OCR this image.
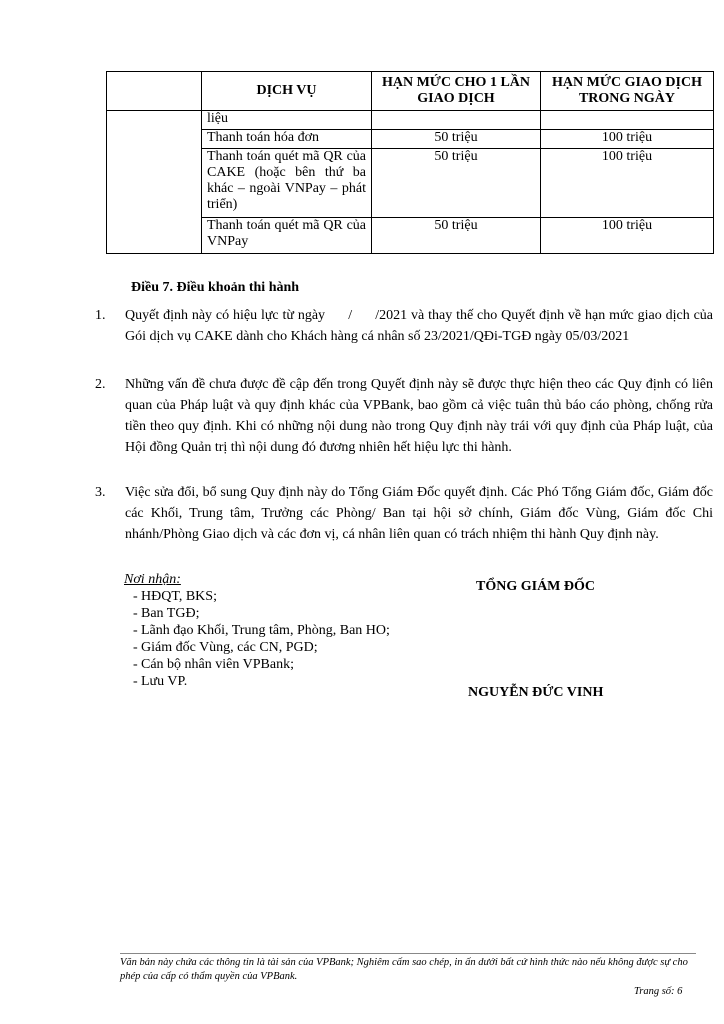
	DỊCH VỤ	HẠN MỨC CHO 1 LẦN GIAO DỊCH	HẠN MỨC GIAO DỊCH TRONG NGÀY
	liệu		
	Thanh toán hóa đơn	50 triệu	100 triệu
	Thanh toán quét mã QR của CAKE (hoặc bên thứ ba khác – ngoài VNPay – phát triển)	50 triệu	100 triệu
	Thanh toán quét mã QR của VNPay	50 triệu	100 triệu
Điều 7. Điều khoản thi hành
1. Quyết định này có hiệu lực từ ngày      /      /2021 và thay thế cho Quyết định về hạn mức giao dịch của Gói dịch vụ CAKE dành cho Khách hàng cá nhân số 23/2021/QĐi-TGĐ ngày 05/03/2021
2. Những vấn đề chưa được đề cập đến trong Quyết định này sẽ được thực hiện theo các Quy định có liên quan của Pháp luật và quy định khác của VPBank, bao gồm cả việc tuân thủ báo cáo phòng, chống rửa tiền theo quy định. Khi có những nội dung nào trong Quy định này trái với quy định của Pháp luật, của Hội đồng Quản trị thì nội dung đó đương nhiên hết hiệu lực thi hành.
3. Việc sửa đổi, bổ sung Quy định này do Tổng Giám Đốc quyết định. Các Phó Tổng Giám đốc, Giám đốc các Khối, Trung tâm, Trưởng các Phòng/ Ban tại hội sở chính, Giám đốc Vùng, Giám đốc Chi nhánh/Phòng Giao dịch và các đơn vị, cá nhân liên quan có trách nhiệm thi hành Quy định này.
Nơi nhận:
- HĐQT, BKS;
- Ban TGĐ;
- Lãnh đạo Khối, Trung tâm, Phòng, Ban HO;
- Giám đốc Vùng, các CN, PGD;
- Cán bộ nhân viên VPBank;
- Lưu VP.
TỔNG GIÁM ĐỐC
NGUYỄN ĐỨC VINH
Văn bản này chứa các thông tin là tài sản của VPBank; Nghiêm cấm sao chép, in ấn dưới bất cứ hình thức nào nếu không được sự cho phép của cấp có thẩm quyền của VPBank.
Trang số: 6
